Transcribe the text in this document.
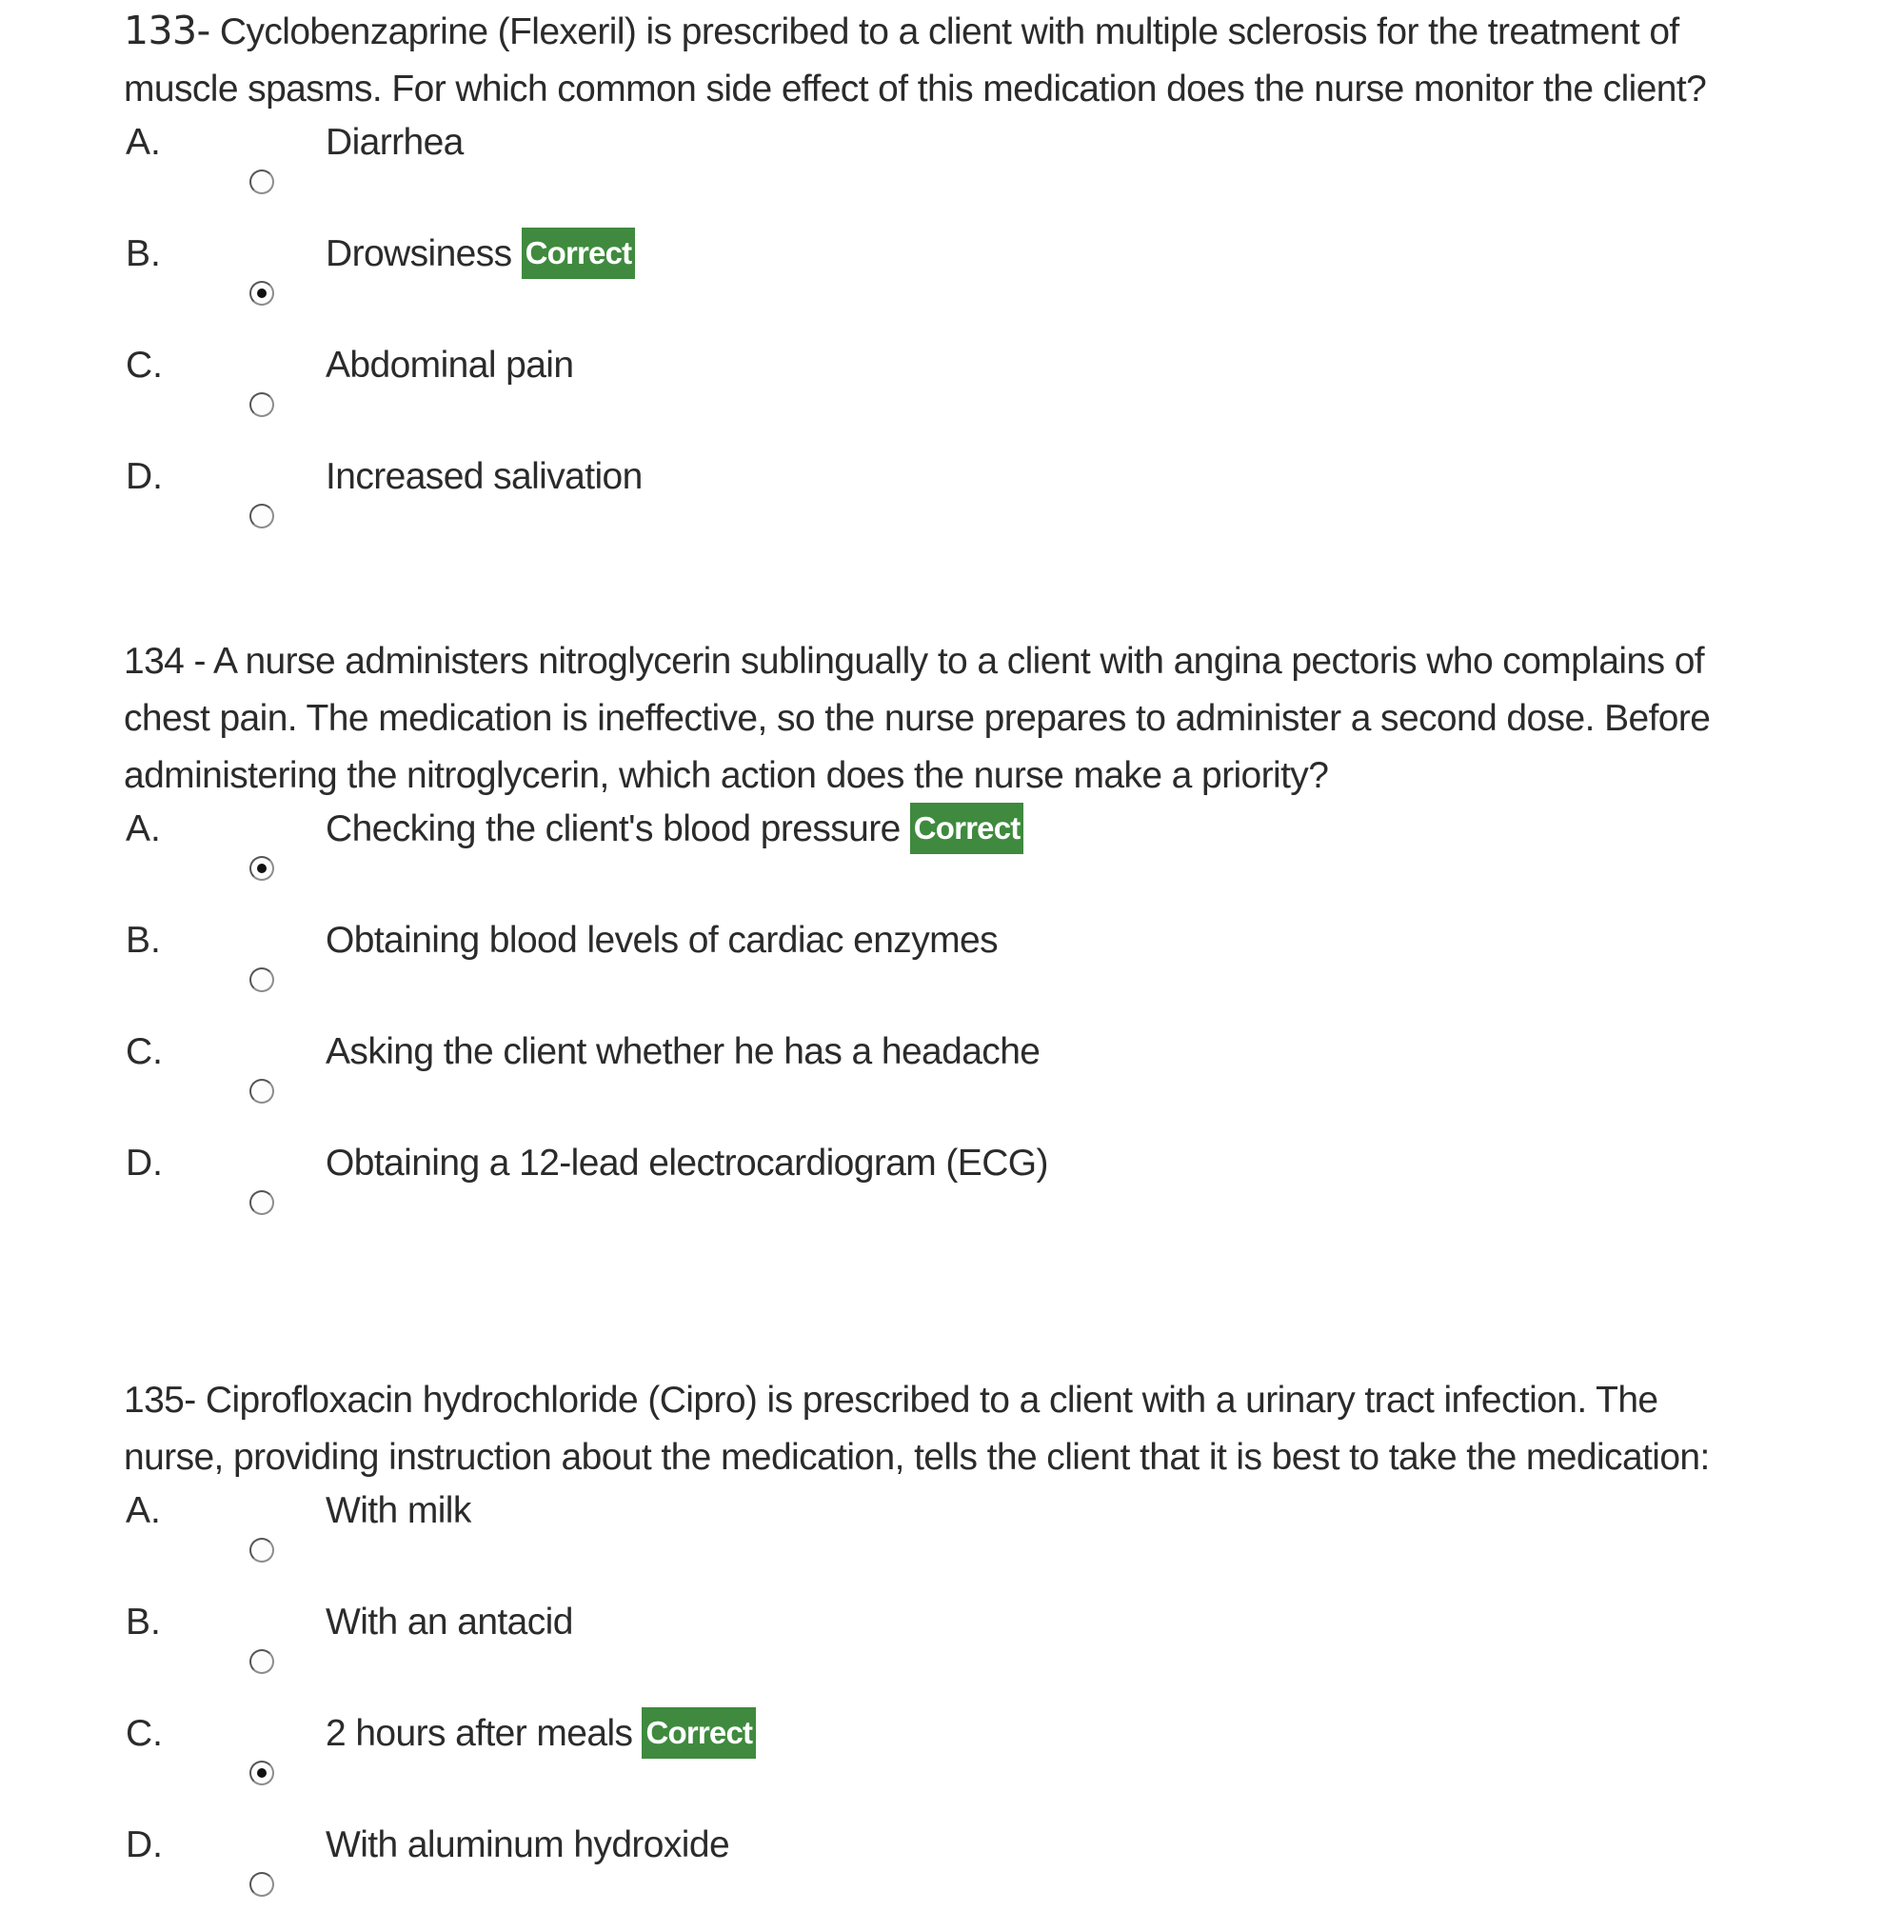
133- Cyclobenzaprine (Flexeril) is prescribed to a client with multiple sclerosis for the treatment of muscle spasms. For which common side effect of this medication does the nurse monitor the client?

A.	Diarrhea
B.	Drowsiness Correct
C.	Abdominal pain
D.	Increased salivation

134 - A nurse administers nitroglycerin sublingually to a client with angina pectoris who complains of chest pain. The medication is ineffective, so the nurse prepares to administer a second dose. Before administering the nitroglycerin, which action does the nurse make a priority?

A.	Checking the client's blood pressure Correct
B.	Obtaining blood levels of cardiac enzymes
C.	Asking the client whether he has a headache
D.	Obtaining a 12-lead electrocardiogram (ECG)

135- Ciprofloxacin hydrochloride (Cipro) is prescribed to a client with a urinary tract infection. The nurse, providing instruction about the medication, tells the client that it is best to take the medication:

A.	With milk
B.	With an antacid
C.	2 hours after meals Correct
D.	With aluminum hydroxide
